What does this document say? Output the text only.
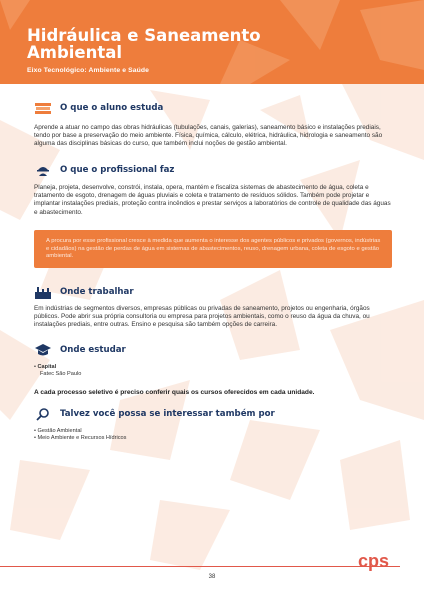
Hidráulica e Saneamento Ambiental
Eixo Tecnológico: Ambiente e Saúde
O que o aluno estuda

Aprende a atuar no campo das obras hidráulicas (tubulações, canais, galerias), saneamento básico e instalações prediais, tendo por base a preservação do meio ambiente. Física, química, cálculo, elétrica, hidráulica, hidrologia e saneamento são alguma das disciplinas básicas do curso, que também inclui noções de gestão ambiental.

O que o profissional faz

Planeja, projeta, desenvolve, constrói, instala, opera, mantém e fiscaliza sistemas de abastecimento de água, coleta e tratamento de esgoto, drenagem de águas pluviais e coleta e tratamento de resíduos sólidos. Também pode projetar e implantar instalações prediais, proteção contra incêndios e prestar serviços a laboratórios de controle de qualidade das águas e abastecimento.

A procura por esse profissional cresce à medida que aumenta o interesse dos agentes públicos e privados (governos, indústrias e cidadãos) na gestão de perdas de água em sistemas de abastecimentos, reuso, drenagem urbana, coleta de esgoto e gestão ambiental.

Onde trabalhar

Em indústrias de segmentos diversos, empresas públicas ou privadas de saneamento, projetos ou engenharia, órgãos públicos. Pode abrir sua própria consultoria ou empresa para projetos ambientais, como o reuso da água da chuva, ou instalações prediais, entre outras. Ensino e pesquisa são também opções de carreira.

Onde estudar
• Capital
Fatec São Paulo

A cada processo seletivo é preciso conferir quais os cursos oferecidos em cada unidade.

Talvez você possa se interessar também por
• Gestão Ambiental
• Meio Ambiente e Recursos Hídricos
cps
38
